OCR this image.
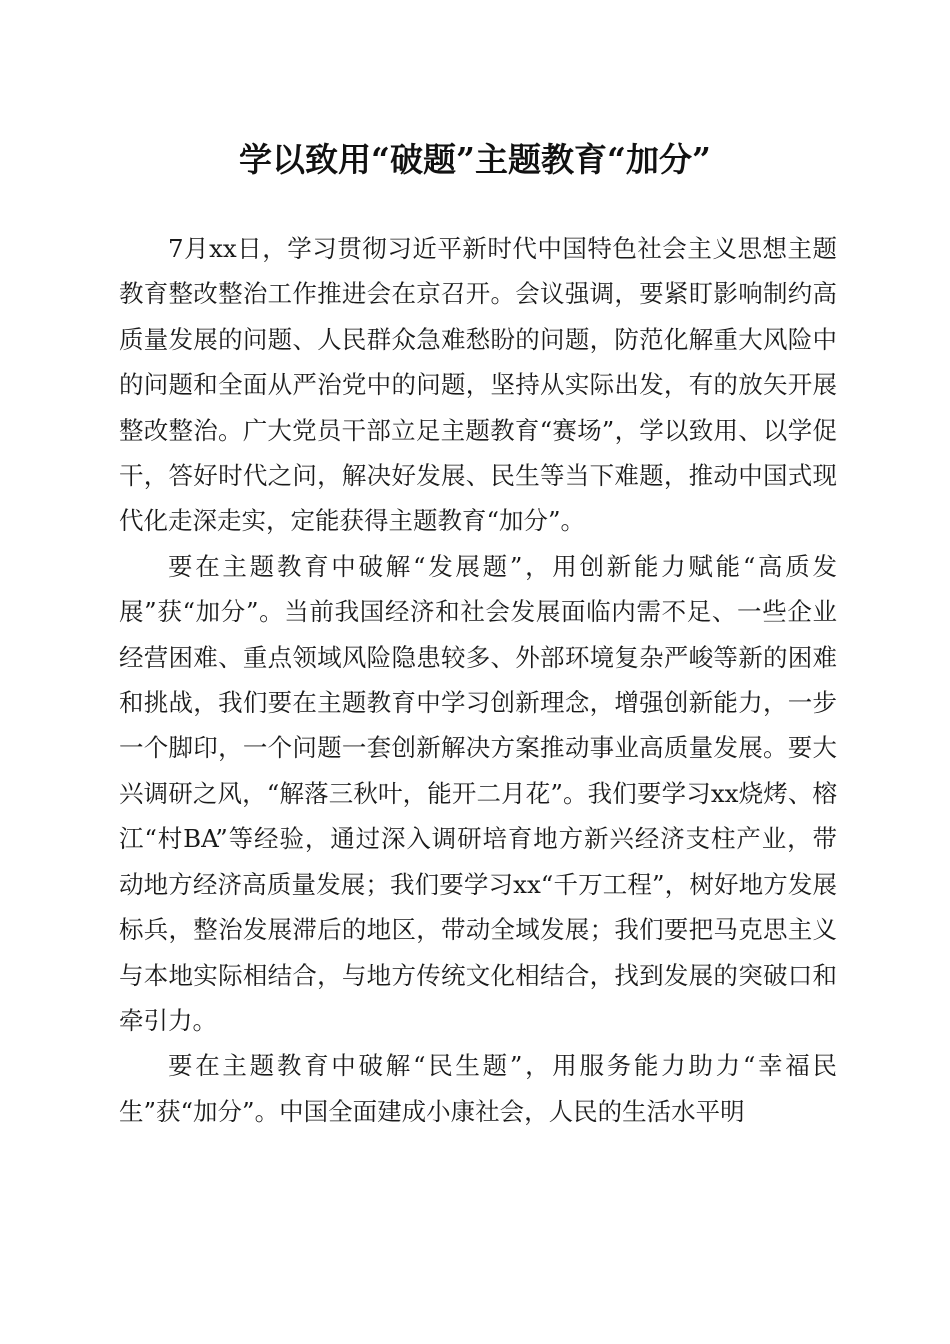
学以致用“破题”主题教育“加分”

7月xx日，学习贯彻习近平新时代中国特色社会主义思想主题教育整改整治工作推进会在京召开。会议强调，要紧盯影响制约高质量发展的问题、人民群众急难愁盼的问题，防范化解重大风险中的问题和全面从严治党中的问题，坚持从实际出发，有的放矢开展整改整治。广大党员干部立足主题教育“赛场”，学以致用、以学促干，答好时代之问，解决好发展、民生等当下难题，推动中国式现代化走深走实，定能获得主题教育“加分”。

要在主题教育中破解“发展题”，用创新能力赋能“高质发展”获“加分”。当前我国经济和社会发展面临内需不足、一些企业经营困难、重点领域风险隐患较多、外部环境复杂严峻等新的困难和挑战，我们要在主题教育中学习创新理念，增强创新能力，一步一个脚印，一个问题一套创新解决方案推动事业高质量发展。要大兴调研之风，“解落三秋叶，能开二月花”。我们要学习xx烧烤、榕江“村BA”等经验，通过深入调研培育地方新兴经济支柱产业，带动地方经济高质量发展；我们要学习xx“千万工程”，树好地方发展标兵，整治发展滞后的地区，带动全域发展；我们要把马克思主义与本地实际相结合，与地方传统文化相结合，找到发展的突破口和牵引力。

要在主题教育中破解“民生题”，用服务能力助力“幸福民生”获“加分”。中国全面建成小康社会，人民的生活水平明
